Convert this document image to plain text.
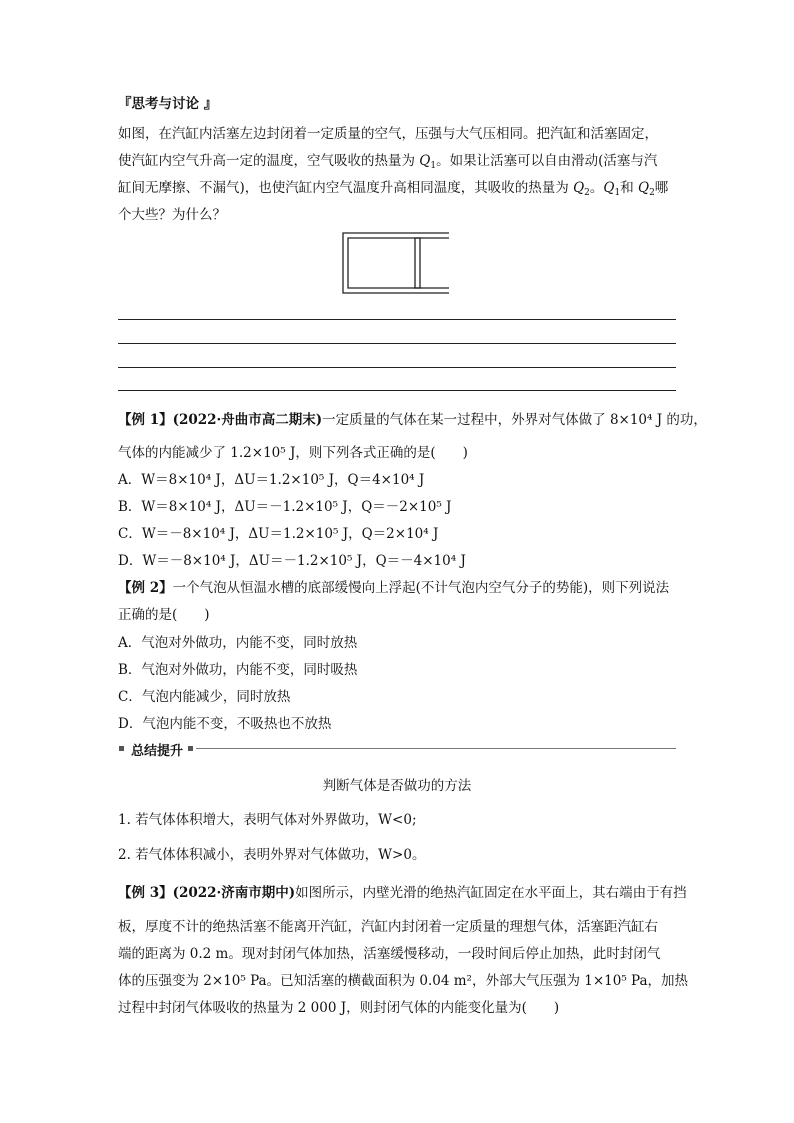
『思考与讨论 』
如图，在汽缸内活塞左边封闭着一定质量的空气，压强与大气压相同。把汽缸和活塞固定，
使汽缸内空气升高一定的温度，空气吸收的热量为 $Q_1$。如果让活塞可以自由滑动(活塞与汽
缸间无摩擦、不漏气)，也使汽缸内空气温度升高相同温度，其吸收的热量为 $Q_2$。$Q_1$和 $Q_2$哪
个大些？为什么？
【例 1】(2022·舟曲市高二期末)一定质量的气体在某一过程中，外界对气体做了 8×10⁴ J 的功，
气体的内能减少了 1.2×10⁵ J，则下列各式正确的是(　　)
A．W＝8×10⁴ J，ΔU＝1.2×10⁵ J，Q＝4×10⁴ J
B．W＝8×10⁴ J，ΔU＝－1.2×10⁵ J，Q＝－2×10⁵ J
C．W＝－8×10⁴ J，ΔU＝1.2×10⁵ J，Q＝2×10⁴ J
D．W＝－8×10⁴ J，ΔU＝－1.2×10⁵ J，Q＝－4×10⁴ J
【例 2】一个气泡从恒温水槽的底部缓慢向上浮起(不计气泡内空气分子的势能)，则下列说法
正确的是(　　)
A．气泡对外做功，内能不变，同时放热
B．气泡对外做功，内能不变，同时吸热
C．气泡内能减少，同时放热
D．气泡内能不变，不吸热也不放热
总结提升
判断气体是否做功的方法
1. 若气体体积增大，表明气体对外界做功，W<0;
2. 若气体体积减小，表明外界对气体做功，W>0。
【例 3】(2022·济南市期中)如图所示，内壁光滑的绝热汽缸固定在水平面上，其右端由于有挡
板，厚度不计的绝热活塞不能离开汽缸，汽缸内封闭着一定质量的理想气体，活塞距汽缸右
端的距离为 0.2 m。现对封闭气体加热，活塞缓慢移动，一段时间后停止加热，此时封闭气
体的压强变为 2×10⁵ Pa。已知活塞的横截面积为 0.04 m²，外部大气压强为 1×10⁵ Pa，加热
过程中封闭气体吸收的热量为 2 000 J，则封闭气体的内能变化量为(　　)
